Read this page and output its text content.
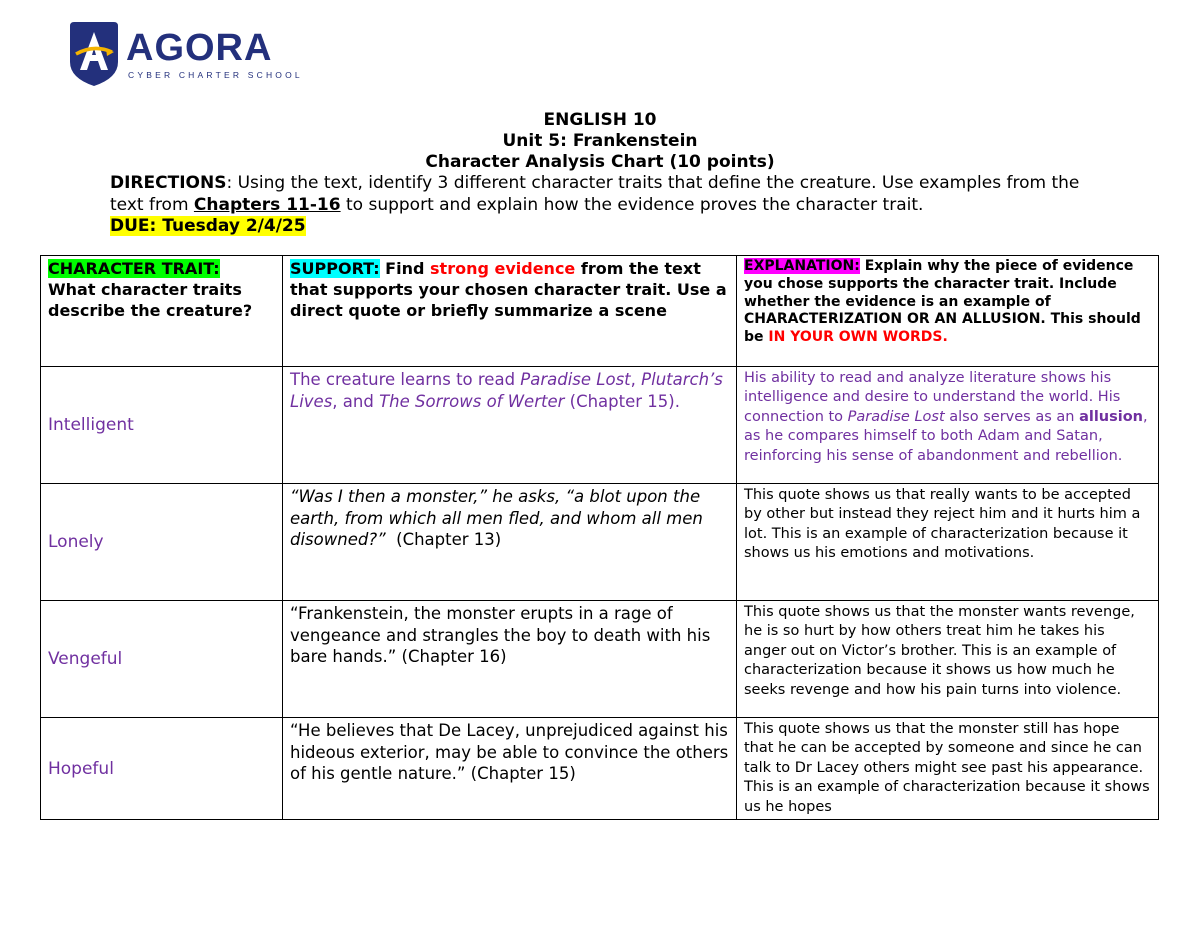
AGORA
CYBER CHARTER SCHOOL
ENGLISH 10
Unit 5: Frankenstein
Character Analysis Chart (10 points)
DIRECTIONS: Using the text, identify 3 different character traits that define the creature. Use examples from the text from Chapters 11-16 to support and explain how the evidence proves the character trait.
DUE: Tuesday 2/4/25
CHARACTER TRAIT:
What character traits describe the creature?	SUPPORT: Find strong evidence from the text that supports your chosen character trait. Use a direct quote or briefly summarize a scene	EXPLANATION: Explain why the piece of evidence you chose supports the character trait. Include whether the evidence is an example of CHARACTERIZATION OR AN ALLUSION. This should be IN YOUR OWN WORDS.
Intelligent	The creature learns to read Paradise Lost, Plutarch’s Lives, and The Sorrows of Werter (Chapter 15).	His ability to read and analyze literature shows his intelligence and desire to understand the world. His connection to Paradise Lost also serves as an allusion, as he compares himself to both Adam and Satan, reinforcing his sense of abandonment and rebellion.
Lonely	“Was I then a monster,” he asks, “a blot upon the earth, from which all men fled, and whom all men disowned?”  (Chapter 13)	This quote shows us that really wants to be accepted by other but instead they reject him and it hurts him a lot. This is an example of characterization because it shows us his emotions and motivations.
Vengeful	“Frankenstein, the monster erupts in a rage of vengeance and strangles the boy to death with his bare hands.” (Chapter 16)	This quote shows us that the monster wants revenge, he is so hurt by how others treat him he takes his anger out on Victor’s brother. This is an example of characterization because it shows us how much he seeks revenge and how his pain turns into violence.
Hopeful	“He believes that De Lacey, unprejudiced against his hideous exterior, may be able to convince the others of his gentle nature.” (Chapter 15)	This quote shows us that the monster still has hope that he can be accepted by someone and since he can talk to Dr Lacey others might see past his appearance. This is an example of characterization because it shows us he hopes
